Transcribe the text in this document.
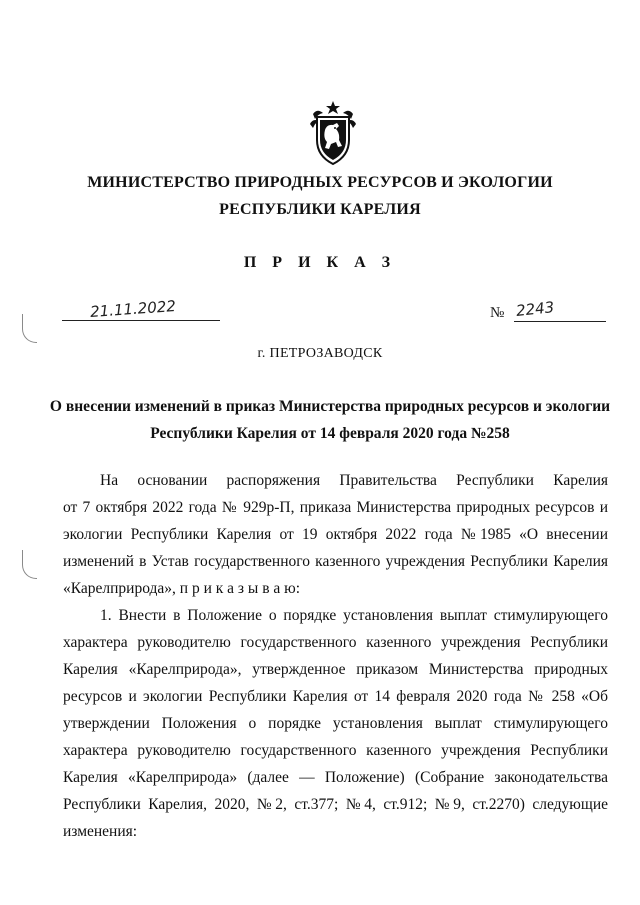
МИНИСТЕРСТВО ПРИРОДНЫХ РЕСУРСОВ И ЭКОЛОГИИ
РЕСПУБЛИКИ КАРЕЛИЯ
П Р И К А З
21.11.2022	№ 2243
г. ПЕТРОЗАВОДСК
О внесении изменений в приказ Министерства природных ресурсов и экологии
Республики Карелия от 14 февраля 2020 года №258
На основании распоряжения Правительства Республики Карелия
от 7 октября 2022 года № 929р-П, приказа Министерства природных ресурсов и
экологии Республики Карелия от 19 октября 2022 года №1985 «О внесении
изменений в Устав государственного казенного учреждения Республики Карелия
«Карелприрода», п р и к а з ы в а ю:
1. Внести в Положение о порядке установления выплат стимулирующего
характера руководителю государственного казенного учреждения Республики
Карелия «Карелприрода», утвержденное приказом Министерства природных
ресурсов и экологии Республики Карелия от 14 февраля 2020 года № 258 «Об
утверждении Положения о порядке установления выплат стимулирующего
характера руководителю государственного казенного учреждения Республики
Карелия «Карелприрода» (далее — Положение) (Собрание законодательства
Республики Карелия, 2020, №2, ст.377; №4, ст.912; №9, ст.2270) следующие
изменения:
